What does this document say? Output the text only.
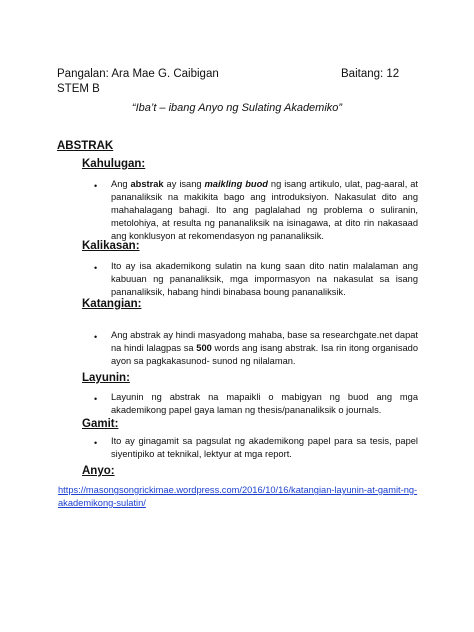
Pangalan: Ara Mae G. Caibigan	Baitang: 12
STEM B
“Iba’t – ibang Anyo ng Sulating Akademiko”
ABSTRAK
Kahulugan:
• Ang abstrak ay isang maikling buod ng isang artikulo, ulat, pag-aaral, at pananaliksik na makikita bago ang introduksiyon. Nakasulat dito ang mahahalagang bahagi. Ito ang paglalahad ng problema o suliranin, metolohiya, at resulta ng pananaliksik na isinagawa, at dito rin nakasaad ang konklusyon at rekomendasyon ng pananaliksik.
Kalikasan:
• Ito ay isa akademikong sulatin na kung saan dito natin malalaman ang kabuuan ng pananaliksik, mga impormasyon na nakasulat sa isang pananaliksik, habang hindi binabasa boung pananaliksik.
Katangian:
• Ang abstrak ay hindi masyadong mahaba, base sa researchgate.net dapat na hindi lalagpas sa 500 words ang isang abstrak. Isa rin itong organisado ayon sa pagkakasunod- sunod ng nilalaman.
Layunin:
• Layunin ng abstrak na mapaikli o mabigyan ng buod ang mga akademikong papel gaya laman ng thesis/pananaliksik o journals.
Gamit:
• Ito ay ginagamit sa pagsulat ng akademikong papel para sa tesis, papel siyentipiko at teknikal, lektyur at mga report.
Anyo:
https://masongsongrickimae.wordpress.com/2016/10/16/katangian-layunin-at-gamit-ng-akademikong-sulatin/
